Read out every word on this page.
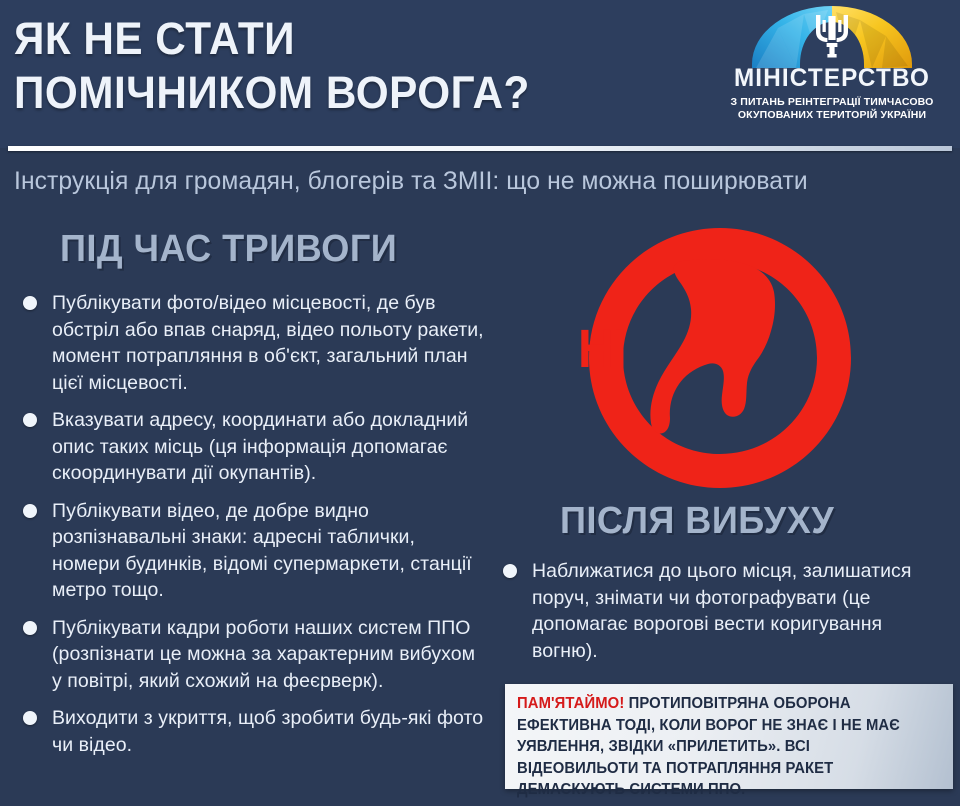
ЯК НЕ СТАТИ
ПОМІЧНИКОМ ВОРОГА?	МІНІСТЕРСТВО
З ПИТАНЬ РЕІНТЕГРАЦІЇ ТИМЧАСОВО
ОКУПОВАНИХ ТЕРИТОРІЙ УКРАЇНИ
Інструкція для громадян, блогерів та ЗМІІ: що не можна поширювати
ПІД ЧАС ТРИВОГИ
Публікувати фото/відео місцевості, де був обстріл або впав снаряд, відео польоту ракети, момент потрапляння в об'єкт, загальний план цієї місцевості.
Вказувати адресу, координати або докладний опис таких місць (ця інформація допомагає скоординувати дії окупантів).
Публікувати відео, де добре видно розпізнавальні знаки: адресні таблички, номери будинків, відомі супермаркети, станції метро тощо.
Публікувати кадри роботи наших систем ППО (розпізнати це можна за характерним вибухом у повітрі, який схожий на феєрверк).
Виходити з укриття, щоб зробити будь-які фото чи відео.
НІ
ПІСЛЯ ВИБУХУ
Наближатися до цього місця, залишатися поруч, знімати чи фотографувати (це допомагає ворогові вести коригування вогню).
ПАМ'ЯТАЙМО! ПРОТИПОВІТРЯНА ОБОРОНА ЕФЕКТИВНА ТОДІ, КОЛИ ВОРОГ НЕ ЗНАЄ І НЕ МАЄ УЯВЛЕННЯ, ЗВІДКИ «ПРИЛЕТИТЬ». ВСІ ВІДЕОВИЛЬОТИ ТА ПОТРАПЛЯННЯ РАКЕТ ДЕМАСКУЮТЬ СИСТЕМИ ППО.
